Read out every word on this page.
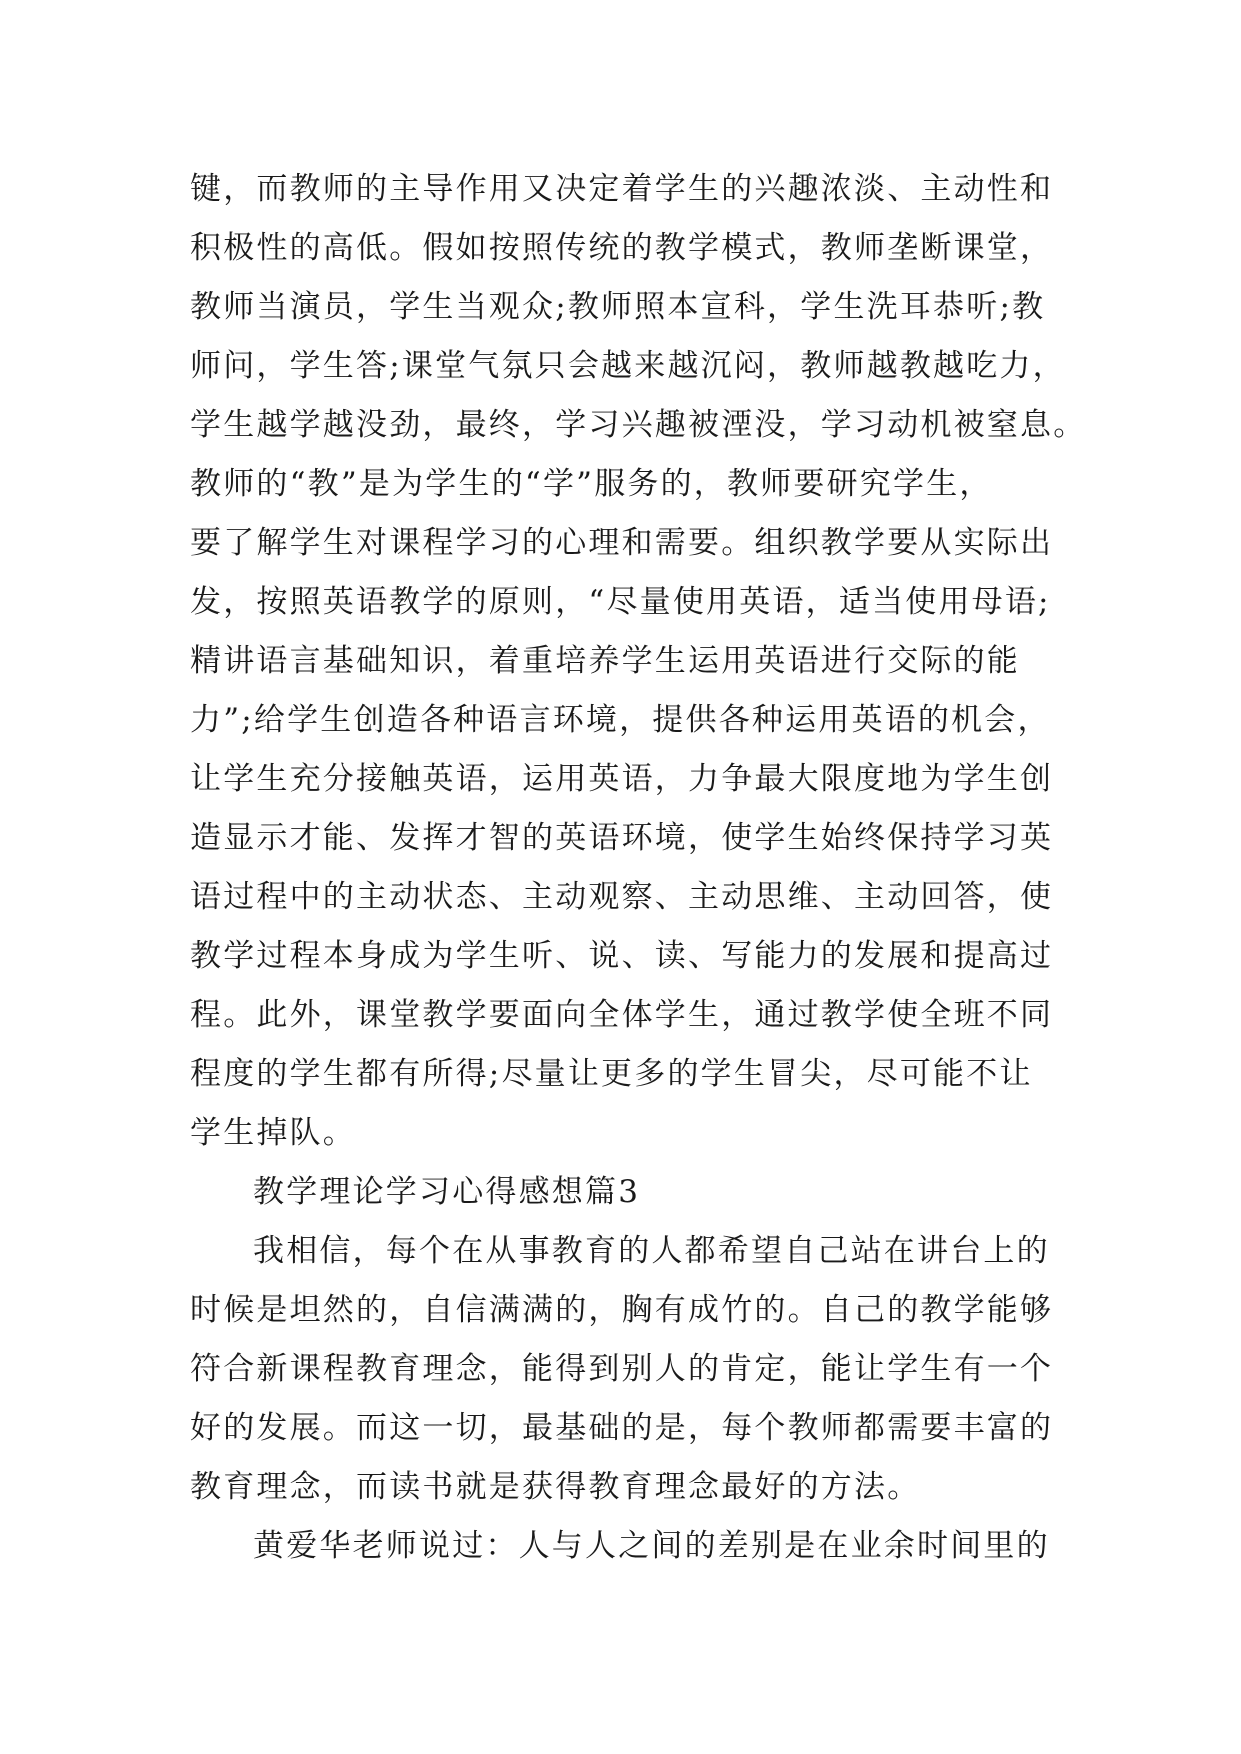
键，而教师的主导作用又决定着学生的兴趣浓淡、主动性和
积极性的高低。假如按照传统的教学模式，教师垄断课堂，
教师当演员，学生当观众;教师照本宣科，学生洗耳恭听;教
师问，学生答;课堂气氛只会越来越沉闷，教师越教越吃力，
学生越学越没劲，最终，学习兴趣被湮没，学习动机被窒息。
教师的“教”是为学生的“学”服务的，教师要研究学生，
要了解学生对课程学习的心理和需要。组织教学要从实际出
发，按照英语教学的原则，“尽量使用英语，适当使用母语;
精讲语言基础知识，着重培养学生运用英语进行交际的能
力”;给学生创造各种语言环境，提供各种运用英语的机会，
让学生充分接触英语，运用英语，力争最大限度地为学生创
造显示才能、发挥才智的英语环境，使学生始终保持学习英
语过程中的主动状态、主动观察、主动思维、主动回答，使
教学过程本身成为学生听、说、读、写能力的发展和提高过
程。此外，课堂教学要面向全体学生，通过教学使全班不同
程度的学生都有所得;尽量让更多的学生冒尖，尽可能不让
学生掉队。
教学理论学习心得感想篇3
我相信，每个在从事教育的人都希望自己站在讲台上的
时候是坦然的，自信满满的，胸有成竹的。自己的教学能够
符合新课程教育理念，能得到别人的肯定，能让学生有一个
好的发展。而这一切，最基础的是，每个教师都需要丰富的
教育理念，而读书就是获得教育理念最好的方法。
黄爱华老师说过：人与人之间的差别是在业余时间里的
